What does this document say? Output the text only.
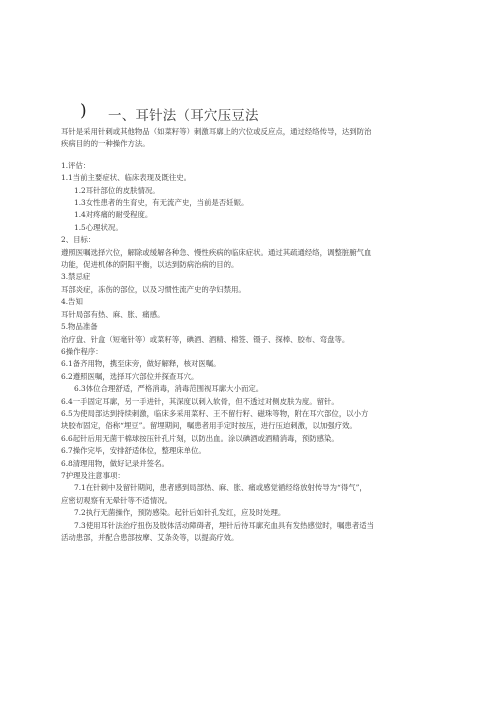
) 一、耳针法（耳穴压豆法

耳针是采用针刺或其他物品（如菜籽等）刺激耳廓上的穴位或反应点，通过经络传导，达到防治

疾病目的的一种操作方法。

1.评估：

1.1当前主要症状、临床表现及既往史。

1.2耳针部位的皮肤情况。

1.3女性患者的生育史，有无流产史，当前是否妊娠。

1.4对疼痛的耐受程度。

1.5心理状况。

2、目标：

遵照医嘱选择穴位，解除或缓解各种急、慢性疾病的临床症状。通过其疏通经络，调整脏腑气血

功能，促进机体的阴阳平衡，以达到防病治病的目的。

3.禁忌症

耳部炎症，冻伤的部位，以及习惯性流产史的孕妇禁用。

4.告知

耳针局部有热、麻、胀、痛感。

5.物品准备

治疗盘、针盒（短毫针等）或菜籽等，碘酒、酒精、棉签、镊子、探棒、胶布、弯盘等。

6操作程序：

6.1备齐用物，携至床旁，做好解释，核对医嘱。

6.2遵照医嘱，选择耳穴部位并探查耳穴。

6.3体位合理舒适，严格消毒，消毒范围视耳廓大小而定。

6.4一手固定耳廓，另一手进针，其深度以刺入软骨，但不透过对侧皮肤为度。留针。

6.5为使局部达到持续刺激，临床多采用菜籽、王不留行籽、磁珠等物，附在耳穴部位，以小方

块胶布固定，俗称“埋豆”。留埋期间，嘱患者用手定时按压，进行压迫刺激，以加强疗效。

6.6起针后用无菌干棉球按压针孔片刻，以防出血。涂以碘酒或酒精消毒，预防感染。

6.7操作完毕，安排舒适体位，整理床单位。

6.8清理用物，做好记录并签名。

7护理及注意事项：

7.1在针刺中及留针期间，患者感到局部热、麻、胀、痛或感觉循经络放射传导为“得气”，

应密切观察有无晕针等不适情况。

7.2执行无菌操作，预防感染。起针后如针孔发红，应及时处理。

7.3使用耳针法治疗扭伤及肢体活动障碍者，埋针后待耳廓充血具有发热感觉时，嘱患者适当

活动患部，并配合患部按摩、艾条灸等，以提高疗效。
